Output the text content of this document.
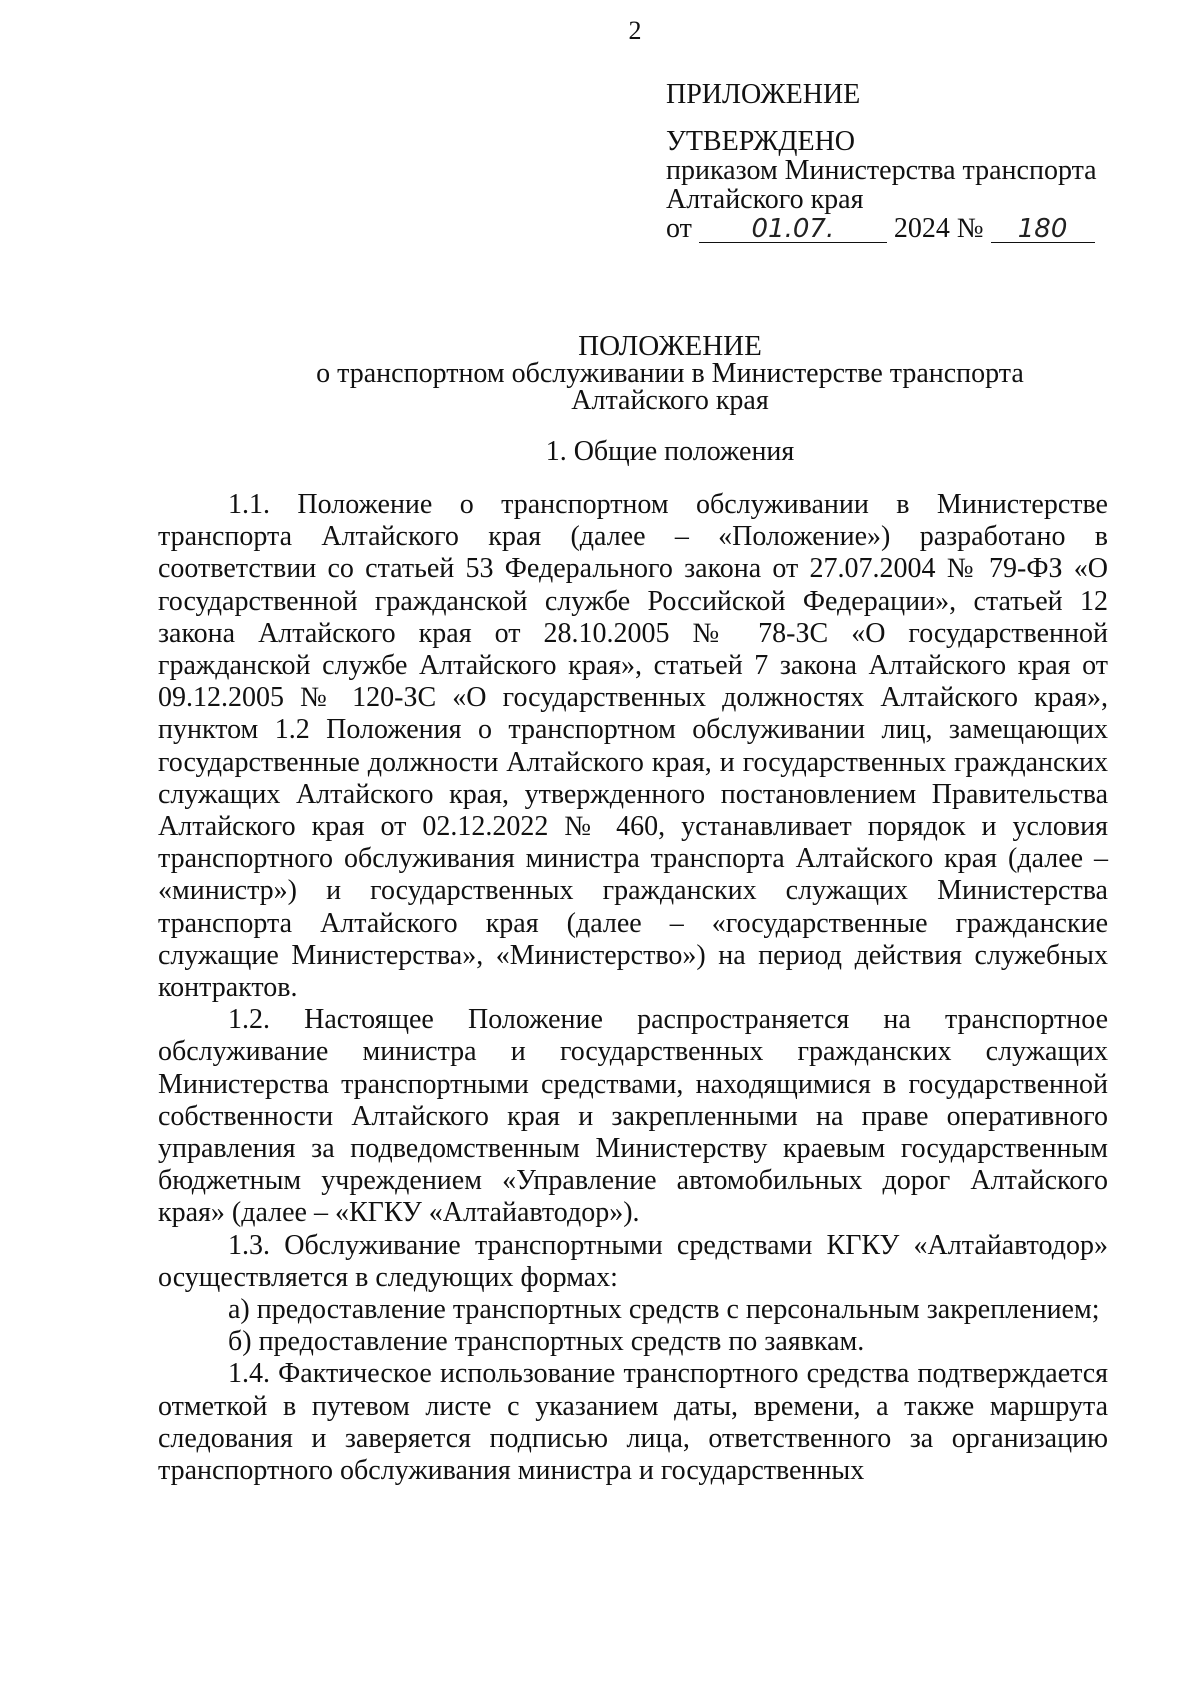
2

ПРИЛОЖЕНИЕ

УТВЕРЖДЕНО

приказом Министерства транспорта

Алтайского края

от 01.07. 2024 № 180

ПОЛОЖЕНИЕ
о транспортном обслуживании в Министерстве транспорта
Алтайского края
1. Общие положения

1.1. Положение о транспортном обслуживании в Министерстве транспорта Алтайского края (далее – «Положение») разработано в соответствии со статьей 53 Федерального закона от 27.07.2004 № 79-ФЗ «О государственной гражданской службе Российской Федерации», статьей 12 закона Алтайского края от 28.10.2005 № 78-ЗС «О государственной гражданской службе Алтайского края», статьей 7 закона Алтайского края от 09.12.2005 № 120-ЗС «О государственных должностях Алтайского края», пунктом 1.2 Положения о транспортном обслуживании лиц, замещающих государственные должности Алтайского края, и государственных гражданских служащих Алтайского края, утвержденного постановлением Правительства Алтайского края от 02.12.2022 № 460, устанавливает порядок и условия транспортного обслуживания министра транспорта Алтайского края (далее – «министр») и государственных гражданских служащих Министерства транспорта Алтайского края (далее – «государственные гражданские служащие Министерства», «Министерство») на период действия служебных контрактов.

1.2. Настоящее Положение распространяется на транспортное обслуживание министра и государственных гражданских служащих Министерства транспортными средствами, находящимися в государственной собственности Алтайского края и закрепленными на праве оперативного управления за подведомственным Министерству краевым государственным бюджетным учреждением «Управление автомобильных дорог Алтайского края» (далее – «КГКУ «Алтайавтодор»).

1.3. Обслуживание транспортными средствами КГКУ «Алтайавтодор» осуществляется в следующих формах:

а) предоставление транспортных средств с персональным закреплением;

б) предоставление транспортных средств по заявкам.

1.4. Фактическое использование транспортного средства подтверждается отметкой в путевом листе с указанием даты, времени, а также маршрута следования и заверяется подписью лица, ответственного за организацию транспортного обслуживания министра и государственных
